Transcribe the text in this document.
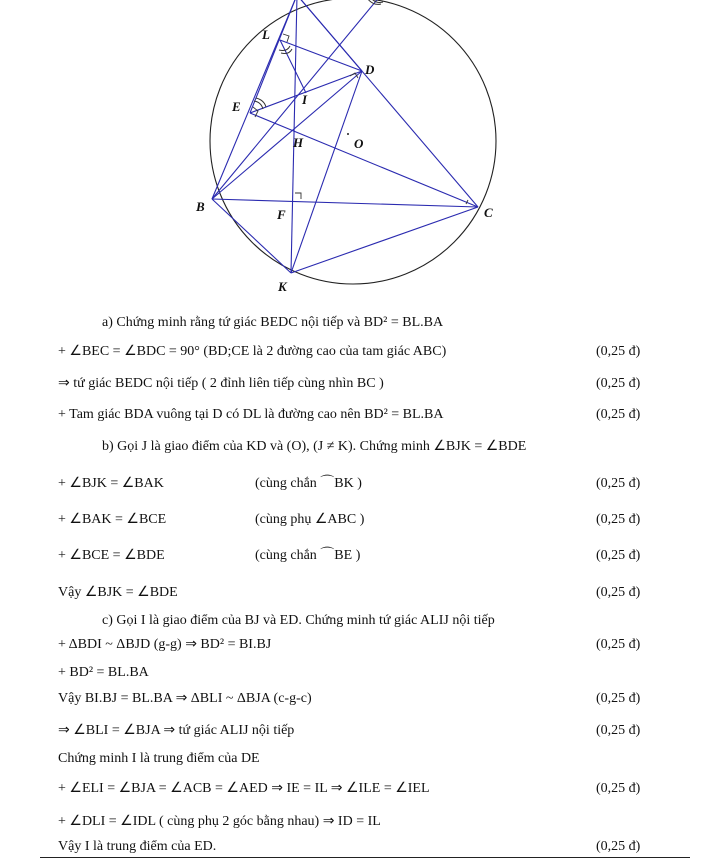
L
D
I
E
H	O
B
F	C
K
a) Chứng minh rằng tứ giác BEDC nội tiếp và BD² = BL.BA
+ ∠BEC = ∠BDC = 90° (BD;CE là 2 đường cao của tam giác ABC)	(0,25 đ)
⇒ tứ giác BEDC nội tiếp ( 2 đỉnh liên tiếp cùng nhìn BC )	(0,25 đ)
+ Tam giác BDA vuông tại D có DL là đường cao nên BD² = BL.BA	(0,25 đ)
b) Gọi J là giao điểm của KD và (O), (J ≠ K). Chứng minh ∠BJK = ∠BDE
+ ∠BJK = ∠BAK	(cùng chắn ⌒BK )	(0,25 đ)
+ ∠BAK = ∠BCE	(cùng phụ ∠ABC )	(0,25 đ)
+ ∠BCE = ∠BDE	(cùng chắn ⌒BE )	(0,25 đ)
Vậy ∠BJK = ∠BDE	(0,25 đ)
c) Gọi I là giao điểm của BJ và ED. Chứng minh tứ giác ALIJ nội tiếp
+ ΔBDI ~ ΔBJD (g-g) ⇒ BD² = BI.BJ	(0,25 đ)
+ BD² = BL.BA
Vậy BI.BJ = BL.BA ⇒ ΔBLI ~ ΔBJA (c-g-c)	(0,25 đ)
⇒ ∠BLI = ∠BJA ⇒ tứ giác ALIJ nội tiếp	(0,25 đ)
Chứng minh I là trung điểm của DE
+ ∠ELI = ∠BJA = ∠ACB = ∠AED ⇒ IE = IL ⇒ ∠ILE = ∠IEL	(0,25 đ)
+ ∠DLI = ∠IDL ( cùng phụ 2 góc bằng nhau) ⇒ ID = IL
Vậy I là trung điểm của ED.	(0,25 đ)
